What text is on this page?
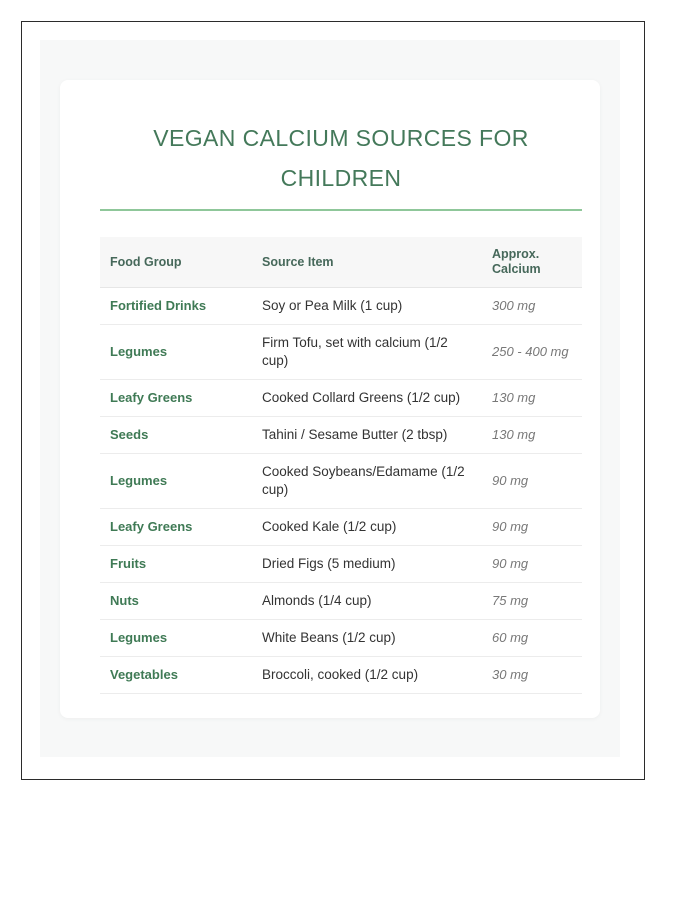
VEGAN CALCIUM SOURCES FOR CHILDREN
Food Group	Source Item	Approx. Calcium
Fortified Drinks	Soy or Pea Milk (1 cup)	300 mg
Legumes	Firm Tofu, set with calcium (1/2 cup)	250 - 400 mg
Leafy Greens	Cooked Collard Greens (1/2 cup)	130 mg
Seeds	Tahini / Sesame Butter (2 tbsp)	130 mg
Legumes	Cooked Soybeans/Edamame (1/2 cup)	90 mg
Leafy Greens	Cooked Kale (1/2 cup)	90 mg
Fruits	Dried Figs (5 medium)	90 mg
Nuts	Almonds (1/4 cup)	75 mg
Legumes	White Beans (1/2 cup)	60 mg
Vegetables	Broccoli, cooked (1/2 cup)	30 mg
